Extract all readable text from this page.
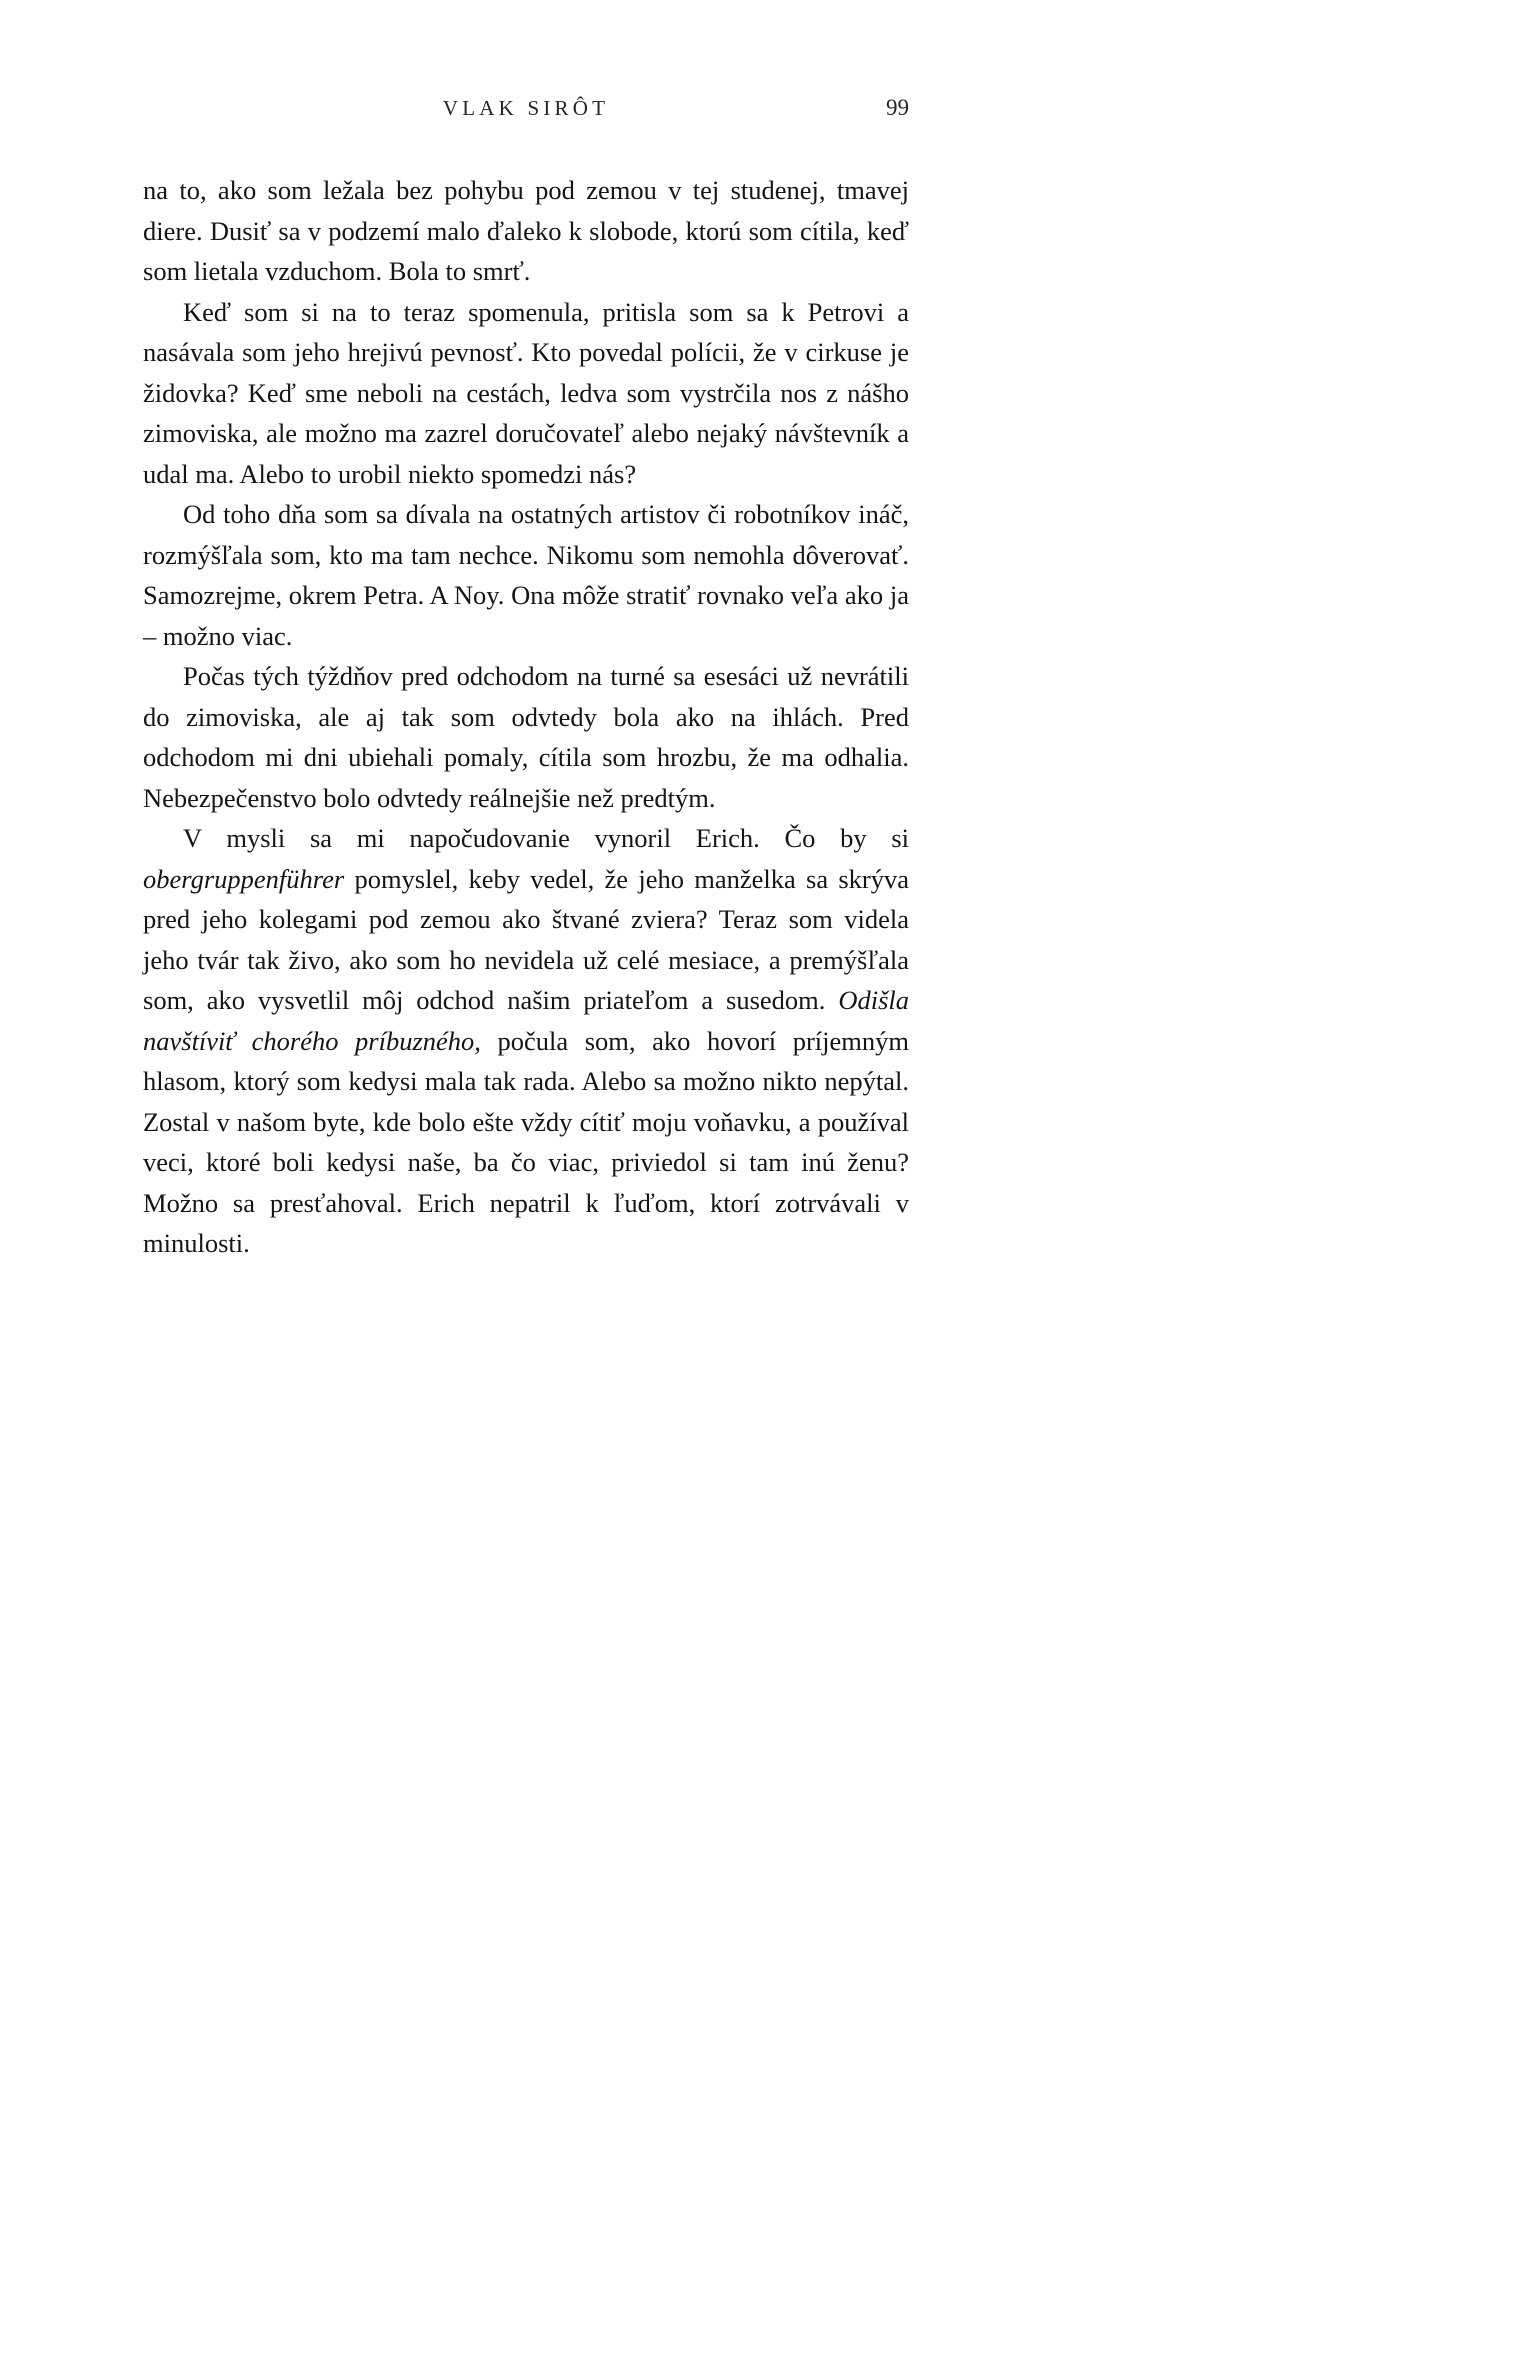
VLAK SIRÔT	99

na to, ako som ležala bez pohybu pod zemou v tej studenej, tmavej diere. Dusiť sa v podzemí malo ďaleko k slobode, ktorú som cítila, keď som lietala vzduchom. Bola to smrť.

Keď som si na to teraz spomenula, pritisla som sa k Petrovi a nasávala som jeho hrejivú pevnosť. Kto povedal polícii, že v cirkuse je židovka? Keď sme neboli na cestách, ledva som vystrčila nos z nášho zimoviska, ale možno ma zazrel doručovateľ alebo nejaký návštevník a udal ma. Alebo to urobil niekto spomedzi nás?

Od toho dňa som sa dívala na ostatných artistov či robotníkov ináč, rozmýšľala som, kto ma tam nechce. Nikomu som nemohla dôverovať. Samozrejme, okrem Petra. A Noy. Ona môže stratiť rovnako veľa ako ja – možno viac.

Počas tých týždňov pred odchodom na turné sa esesáci už nevrátili do zimoviska, ale aj tak som odvtedy bola ako na ihlách. Pred odchodom mi dni ubiehali pomaly, cítila som hrozbu, že ma odhalia. Nebezpečenstvo bolo odvtedy reálnejšie než predtým.

V mysli sa mi napočudovanie vynoril Erich. Čo by si obergruppenführer pomyslel, keby vedel, že jeho manželka sa skrýva pred jeho kolegami pod zemou ako štvané zviera? Teraz som videla jeho tvár tak živo, ako som ho nevidela už celé mesiace, a premýšľala som, ako vysvetlil môj odchod našim priateľom a susedom. Odišla navštíviť chorého príbuzného, počula som, ako hovorí príjemným hlasom, ktorý som kedysi mala tak rada. Alebo sa možno nikto nepýtal. Zostal v našom byte, kde bolo ešte vždy cítiť moju voňavku, a používal veci, ktoré boli kedysi naše, ba čo viac, priviedol si tam inú ženu? Možno sa presťahoval. Erich nepatril k ľuďom, ktorí zotrvávali v minulosti.
